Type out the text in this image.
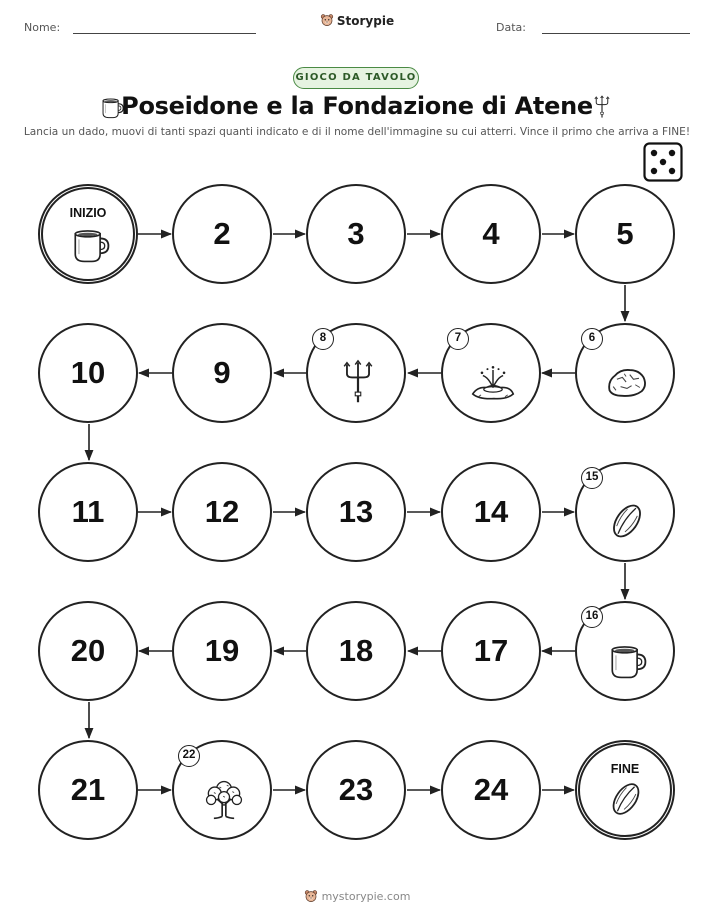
Nome:	Storypie	Data:
GIOCO DA TAVOLO
Poseidone e la Fondazione di Atene
Lancia un dado, muovi di tanti spazi quanti indicato e di il nome dell'immagine su cui atterri. Vince il primo che arriva a FINE!
INIZIO
2	3	4	5
10	9
8	7	6
11	12	13	14
15
20	19	18	17
16
21
22
23	24
FINE
mystorypie.com
